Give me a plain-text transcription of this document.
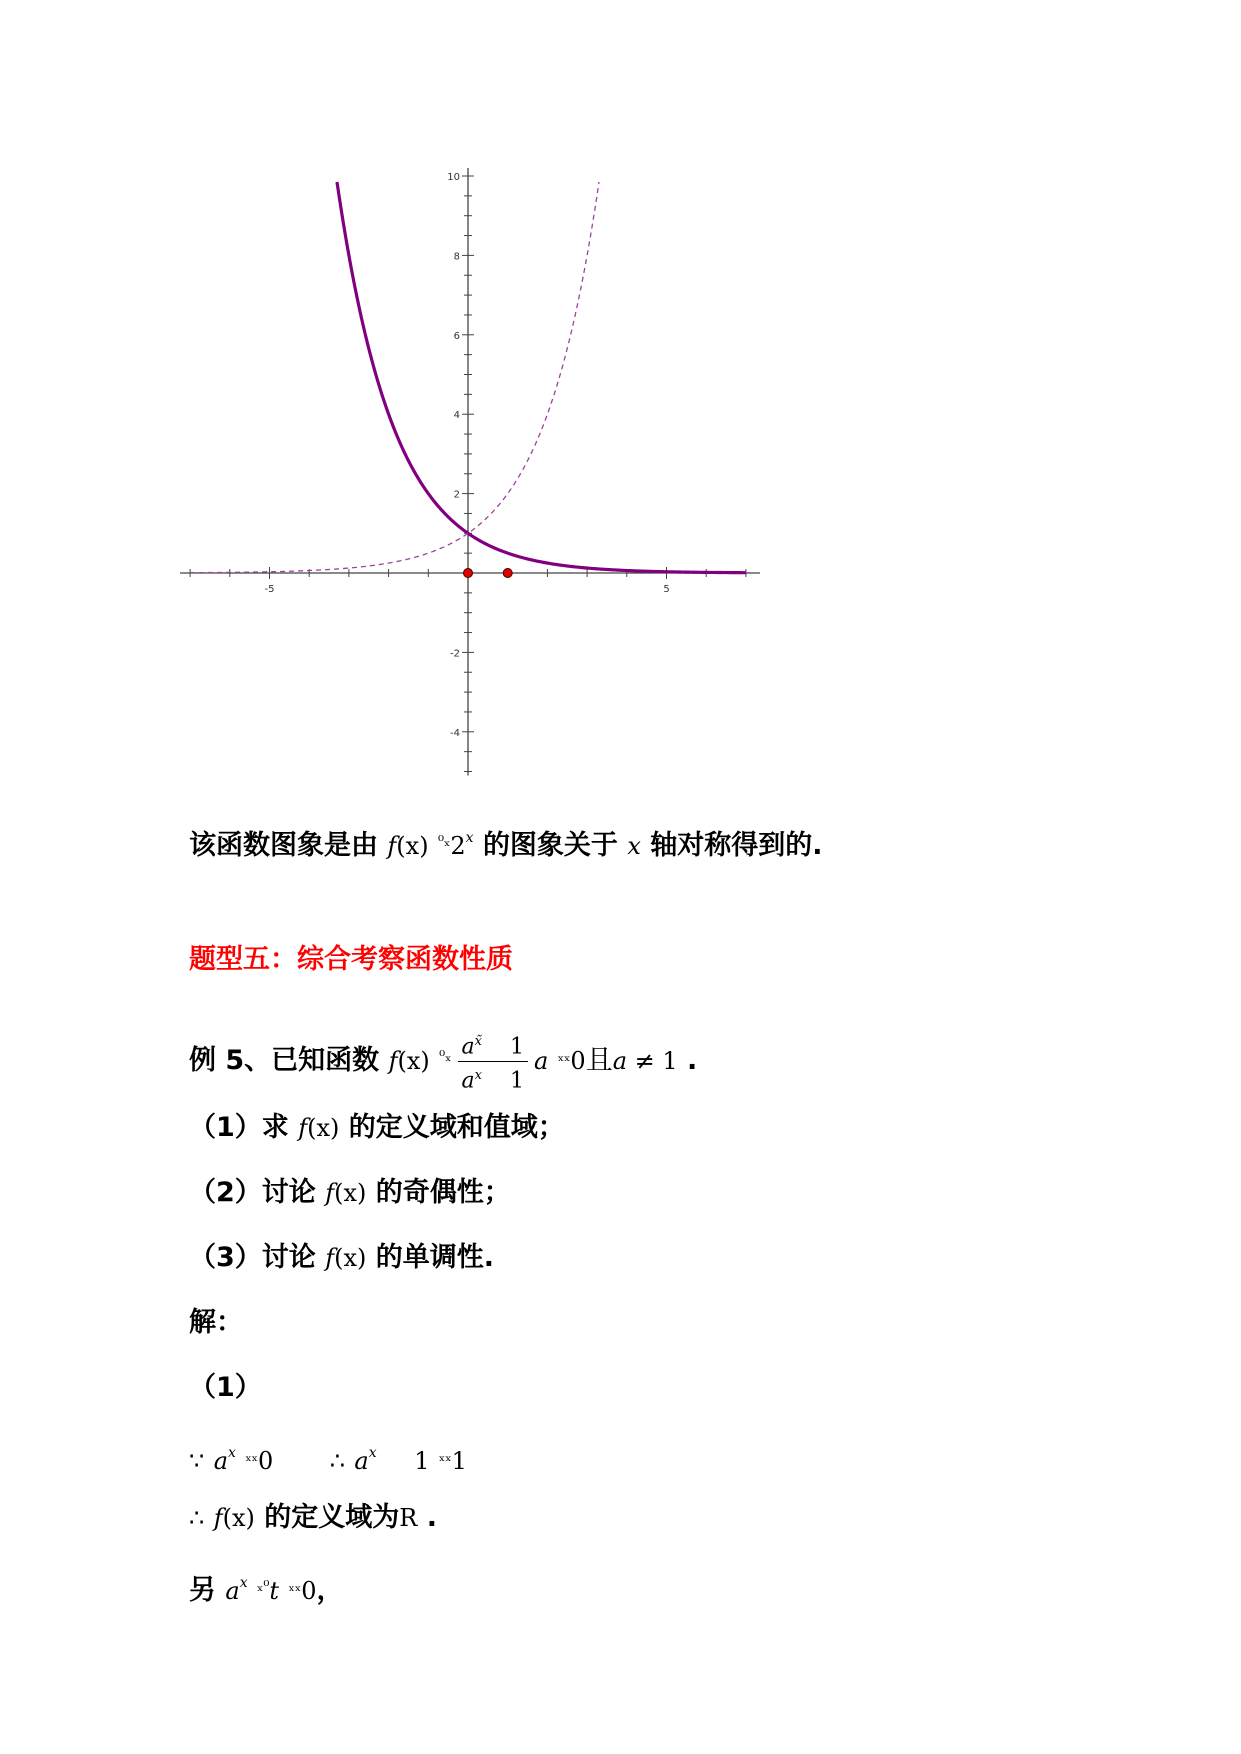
-5	5
-4
-2
2
4
6
8
10
该函数图象是由 f(x) $^{^0_x}$2$^x$ 的图象关于 x 轴对称得到的.
题型五：综合考察函数性质
例 5、已知函数 f(x) $^{^0_x} \frac{a^{x̃} 1}{a^x 1}$ a $^{_{xx}}$0且a ≠ 1 .
（1）求 f(x) 的定义域和值域；
（2）讨论 f(x) 的奇偶性；
（3）讨论 f(x) 的单调性.
解：
（1）
∵ $a^x$ $^{_{xx}}$0 ∴ $a^x$ 1 $^{_{xx}}$1
∴ f(x) 的定义域为R .
另 $a^x$ $^{_x^0}$t $^{_{xx}}$0，
